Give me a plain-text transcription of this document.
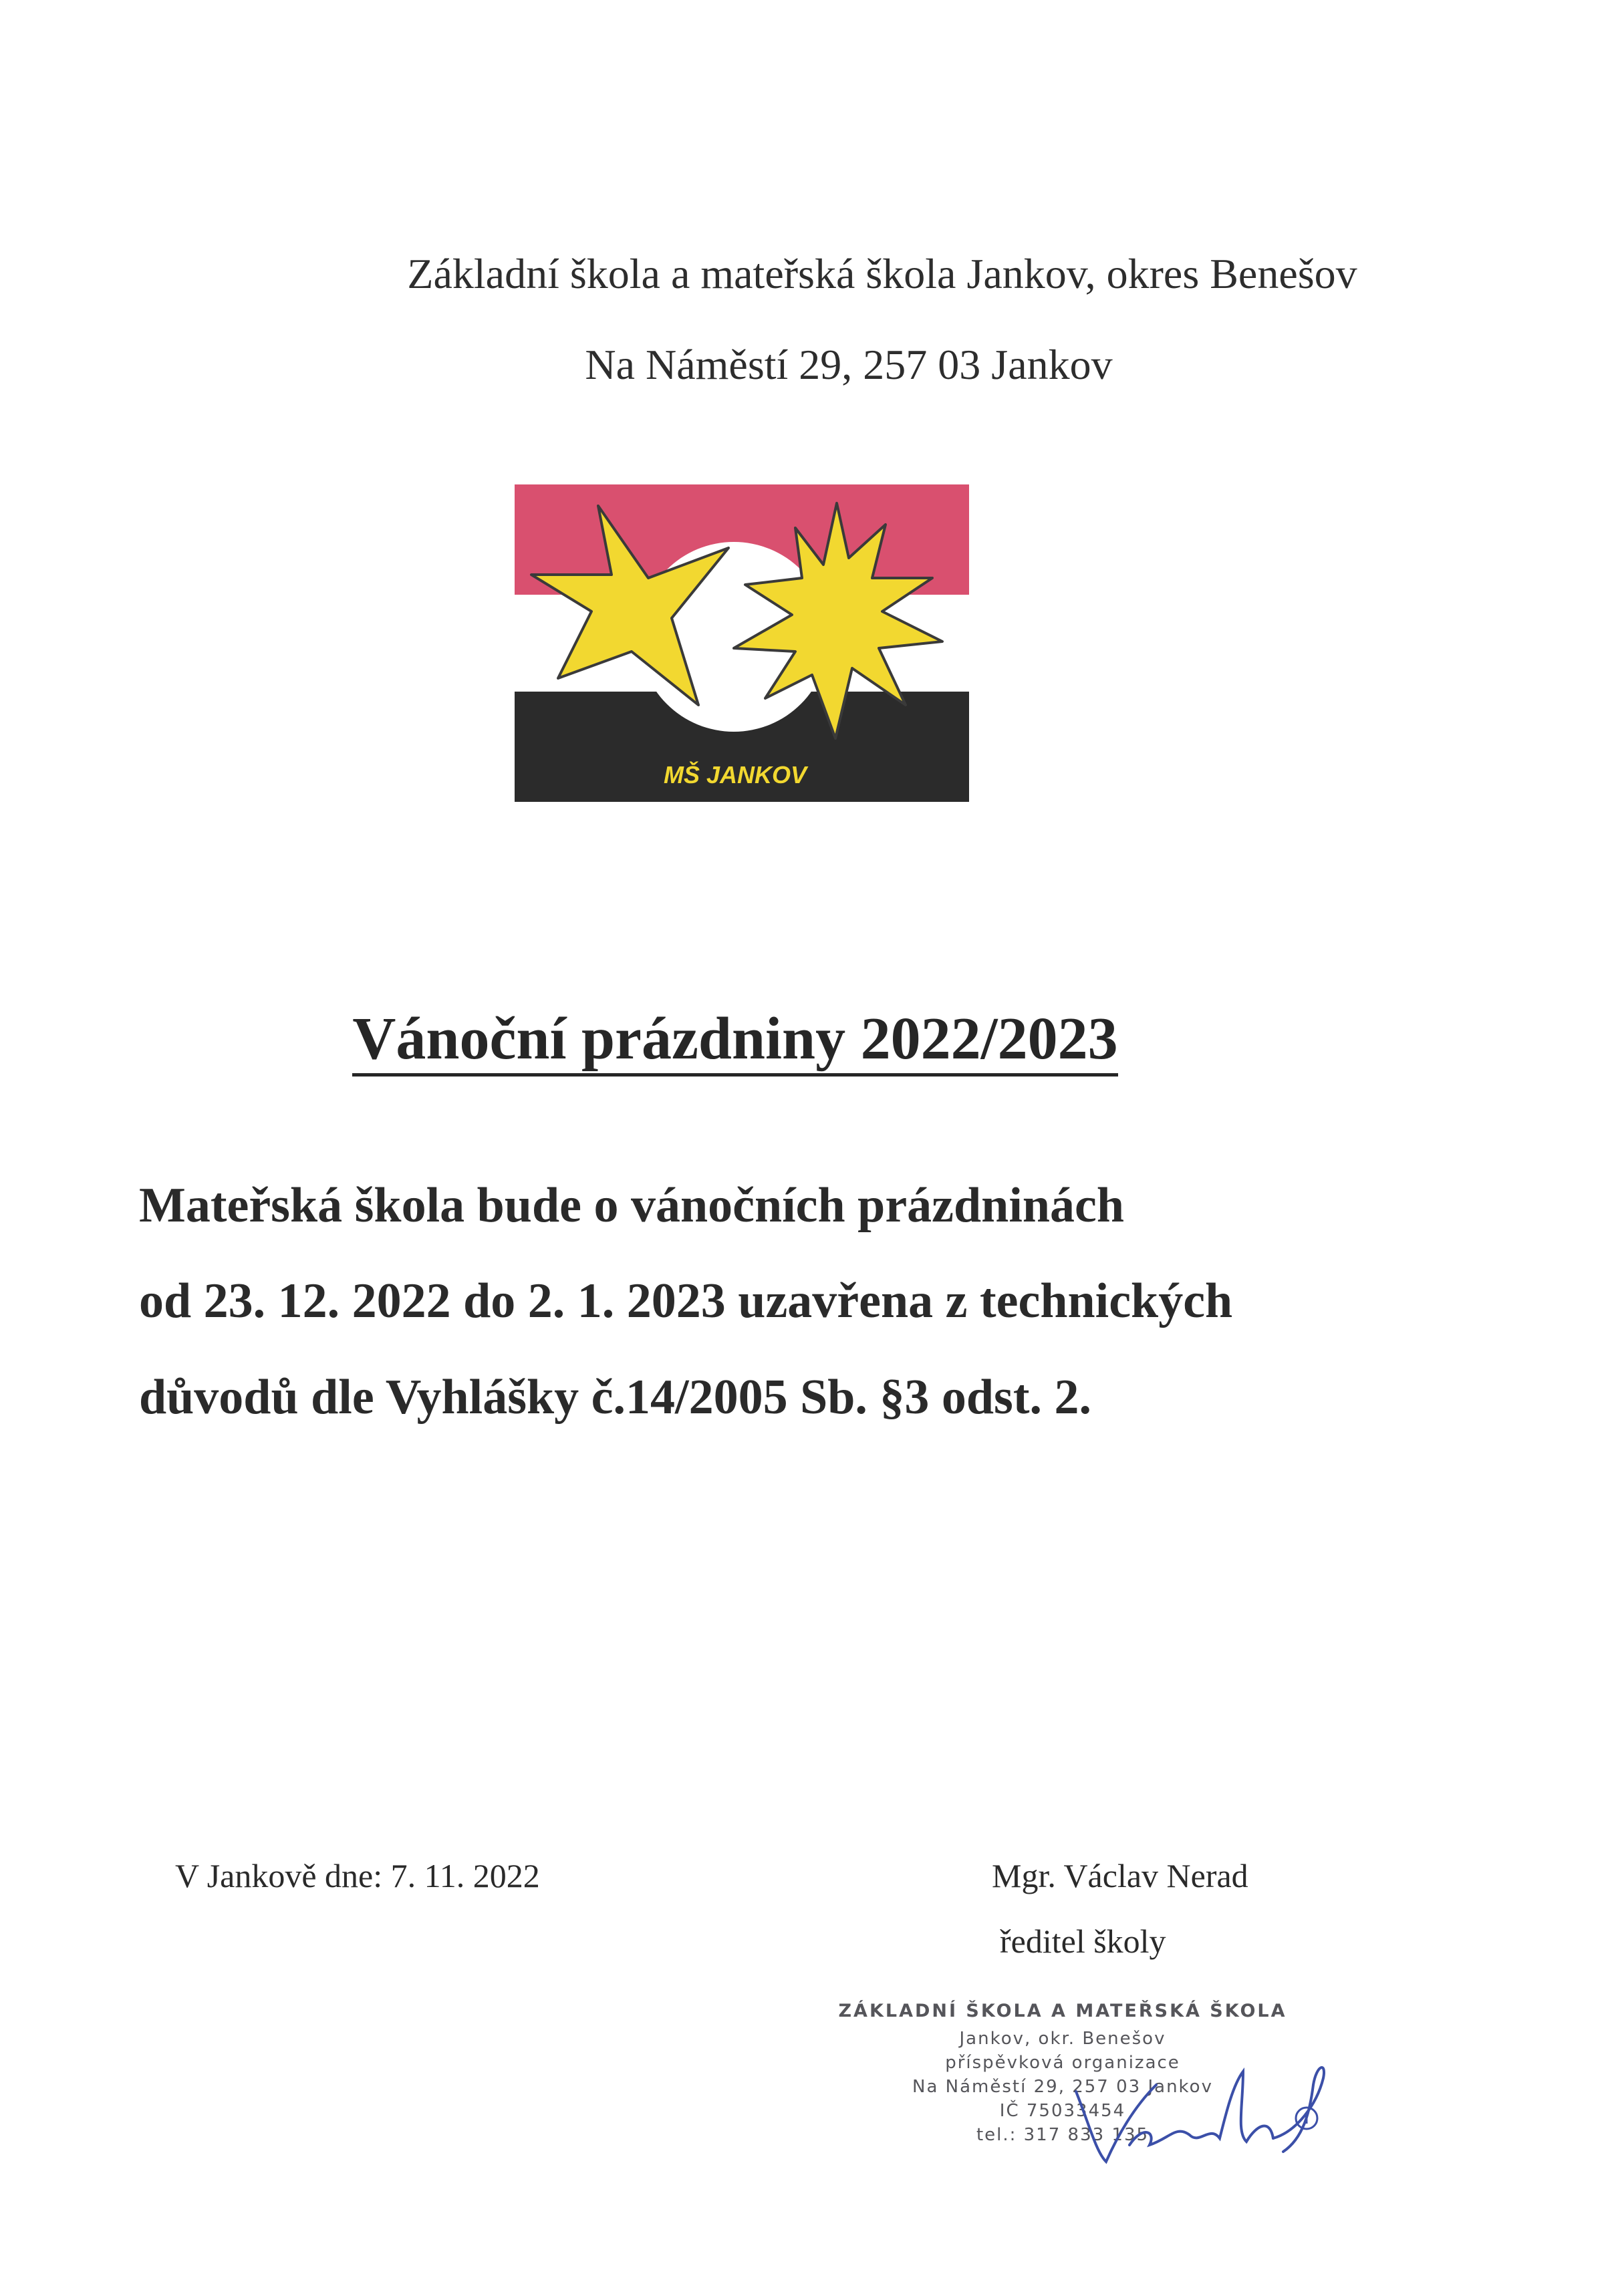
Základní škola a mateřská škola Jankov, okres Benešov
Na Náměstí 29, 257 03 Jankov
MŠ JANKOV
Vánoční prázdniny 2022/2023
Mateřská škola bude o vánočních prázdninách
od 23. 12. 2022 do 2. 1. 2023 uzavřena z technických
důvodů dle Vyhlášky č.14/2005 Sb. §3 odst. 2.
V Jankově dne: 7. 11. 2022	Mgr. Václav Nerad
ředitel školy
ZÁKLADNÍ ŠKOLA A MATEŘSKÁ ŠKOLA
Jankov, okr. Benešov
příspěvková organizace
Na Náměstí 29, 257 03 Jankov
IČ 75033454
tel.: 317 833 135
